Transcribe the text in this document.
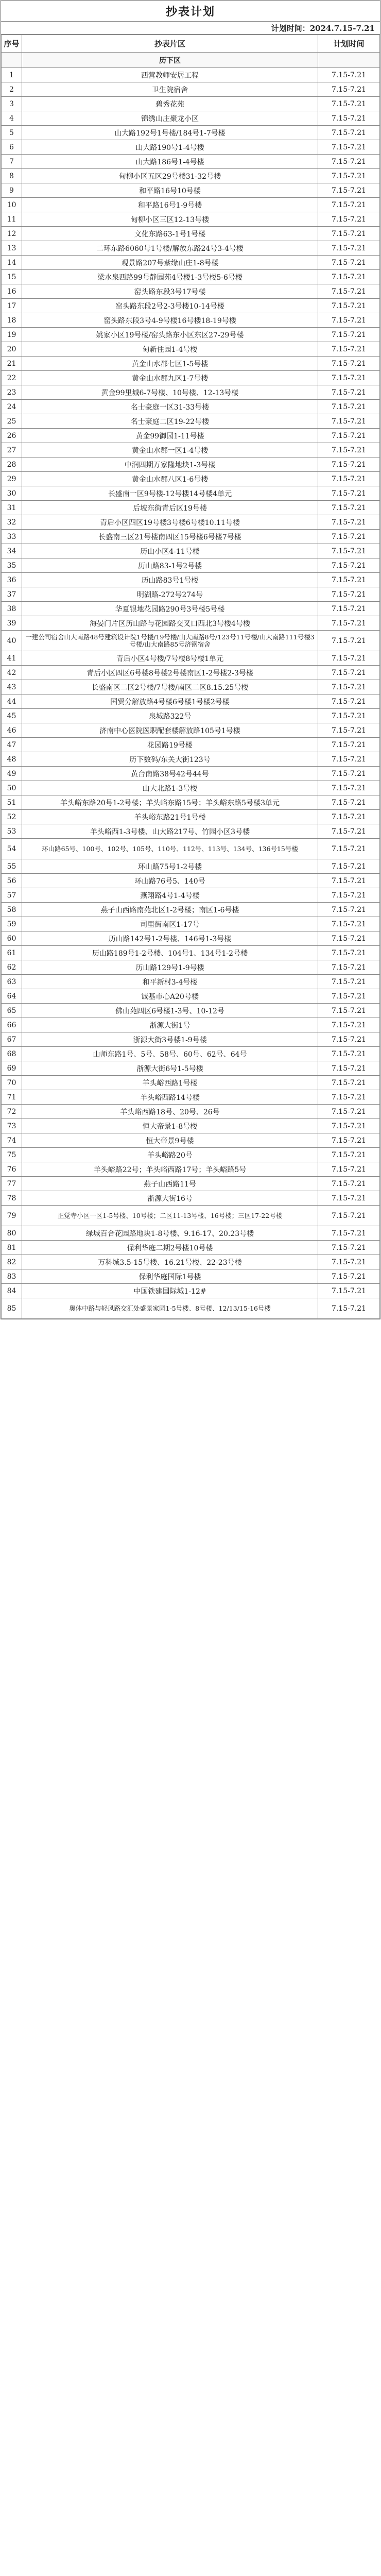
抄表计划
计划时间：2024.7.15-7.21
序号	抄表片区	计划时间
	历下区	
1	西营教师安居工程	7.15-7.21
2	卫生院宿舍	7.15-7.21
3	碧秀花苑	7.15-7.21
4	锦绣山庄聚龙小区	7.15-7.21
5	山大路192号1号楼/184号1-7号楼	7.15-7.21
6	山大路190号1-4号楼	7.15-7.21
7	山大路186号1-4号楼	7.15-7.21
8	甸柳小区五区29号楼31-32号楼	7.15-7.21
9	和平路16号10号楼	7.15-7.21
10	和平路16号1-9号楼	7.15-7.21
11	甸柳小区三区12-13号楼	7.15-7.21
12	文化东路63-1号1号楼	7.15-7.21
13	二环东路6060号1号楼/解放东路24号3-4号楼	7.15-7.21
14	观景路207号紫缘山庄1-8号楼	7.15-7.21
15	梁水泉西路99号静园苑4号楼1-3号楼5-6号楼	7.15-7.21
16	窑头路东段3号17号楼	7.15-7.21
17	窑头路东段2号2-3号楼10-14号楼	7.15-7.21
18	窑头路东段3号4-9号楼16号楼18-19号楼	7.15-7.21
19	姚家小区19号楼/窑头路东小区东区27-29号楼	7.15-7.21
20	甸新住园1-4号楼	7.15-7.21
21	黄金山水郡七区1-5号楼	7.15-7.21
22	黄金山水郡九区1-7号楼	7.15-7.21
23	黄金99里城6-7号楼、10号楼、12-13号楼	7.15-7.21
24	名士豪庭一区31-33号楼	7.15-7.21
25	名士豪庭二区19-22号楼	7.15-7.21
26	黄金99御园1-11号楼	7.15-7.21
27	黄金山水郡一区1-4号楼	7.15-7.21
28	中润四期万家隆地块1-3号楼	7.15-7.21
29	黄金山水郡八区1-6号楼	7.15-7.21
30	长盛南一区9号楼-12号楼14号楼4单元	7.15-7.21
31	后坡东街青后区19号楼	7.15-7.21
32	青后小区四区19号楼3号楼6号楼10.11号楼	7.15-7.21
33	长盛南三区21号楼南四区15号楼6号楼7号楼	7.15-7.21
34	历山小区4-11号楼	7.15-7.21
35	历山路83-1号2号楼	7.15-7.21
36	历山路83号1号楼	7.15-7.21
37	明湖路-272号274号	7.15-7.21
38	华夏银地花园路290号3号楼5号楼	7.15-7.21
39	海晏门片区历山路与花园路交叉口西北3号楼4号楼	7.15-7.21
40	一建公司宿舍山大南路48号建筑设计院1号楼/19号楼/山大南路8号/123号11号楼/山大南路111号楼3号楼/山大南路85号济钢宿舍	7.15-7.21
41	青后小区4号楼/7号楼8号楼1单元	7.15-7.21
42	青后小区四区6号楼8号楼2号楼南区1-2号楼2-3号楼	7.15-7.21
43	长盛南区二区2号楼/7号楼/南区二区8.15.25号楼	7.15-7.21
44	国贸分解放路4号楼6号楼1号楼2号楼	7.15-7.21
45	泉城路322号	7.15-7.21
46	济南中心医院医职配套楼解放路105号1号楼	7.15-7.21
47	花园路19号楼	7.15-7.21
48	历下数码/东关大街123号	7.15-7.21
49	黄台南路38号42号44号	7.15-7.21
50	山大北路1-3号楼	7.15-7.21
51	羊头峪东路20号1-2号楼；羊头峪东路15号；羊头峪东路5号楼3单元	7.15-7.21
52	羊头峪东路21号1号楼	7.15-7.21
53	羊头峪西1-3号楼、山大路217号、竹园小区3号楼	7.15-7.21
54	环山路65号、100号、102号、105号、110号、112号、113号、134号、136号15号楼	7.15-7.21
55	环山路75号1-2号楼	7.15-7.21
56	环山路76号5、140号	7.15-7.21
57	燕翔路4号1-4号楼	7.15-7.21
58	燕子山西路南苑北区1-2号楼；南区1-6号楼	7.15-7.21
59	司里街南区1-17号	7.15-7.21
60	历山路142号1-2号楼、146号1-3号楼	7.15-7.21
61	历山路189号1-2号楼、104号1、134号1-2号楼	7.15-7.21
62	历山路129号1-9号楼	7.15-7.21
63	和平新村3-4号楼	7.15-7.21
64	诚基市心A20号楼	7.15-7.21
65	佛山苑四区6号楼1-3号、10-12号	7.15-7.21
66	浙源大街1号	7.15-7.21
67	浙源大街3号楼1-9号楼	7.15-7.21
68	山师东路1号、5号、58号、60号、62号、64号	7.15-7.21
69	浙源大街6号1-5号楼	7.15-7.21
70	羊头峪西路1号楼	7.15-7.21
71	羊头峪西路14号楼	7.15-7.21
72	羊头峪西路18号、20号、26号	7.15-7.21
73	恒大帝景1-8号楼	7.15-7.21
74	恒大帝景9号楼	7.15-7.21
75	羊头峪路20号	7.15-7.21
76	羊头峪路22号；羊头峪西路17号；羊头峪路5号	7.15-7.21
77	燕子山西路11号	7.15-7.21
78	浙源大街16号	7.15-7.21
79	正觉寺小区一区1-5号楼、10号楼；二区11-13号楼、16号楼；三区17-22号楼	7.15-7.21
80	绿城百合花园路地块1-8号楼、9.16-17、20.23号楼	7.15-7.21
81	保利华庭二期2号楼10号楼	7.15-7.21
82	万科城3.5-15号楼、16.21号楼、22-23号楼	7.15-7.21
83	保利华庭国际1号楼	7.15-7.21
84	中国铁建国际城1-12#	7.15-7.21
85	奥体中路与轻风路交汇处盛景家园1-5号楼、8号楼、12/13/15-16号楼	7.15-7.21
